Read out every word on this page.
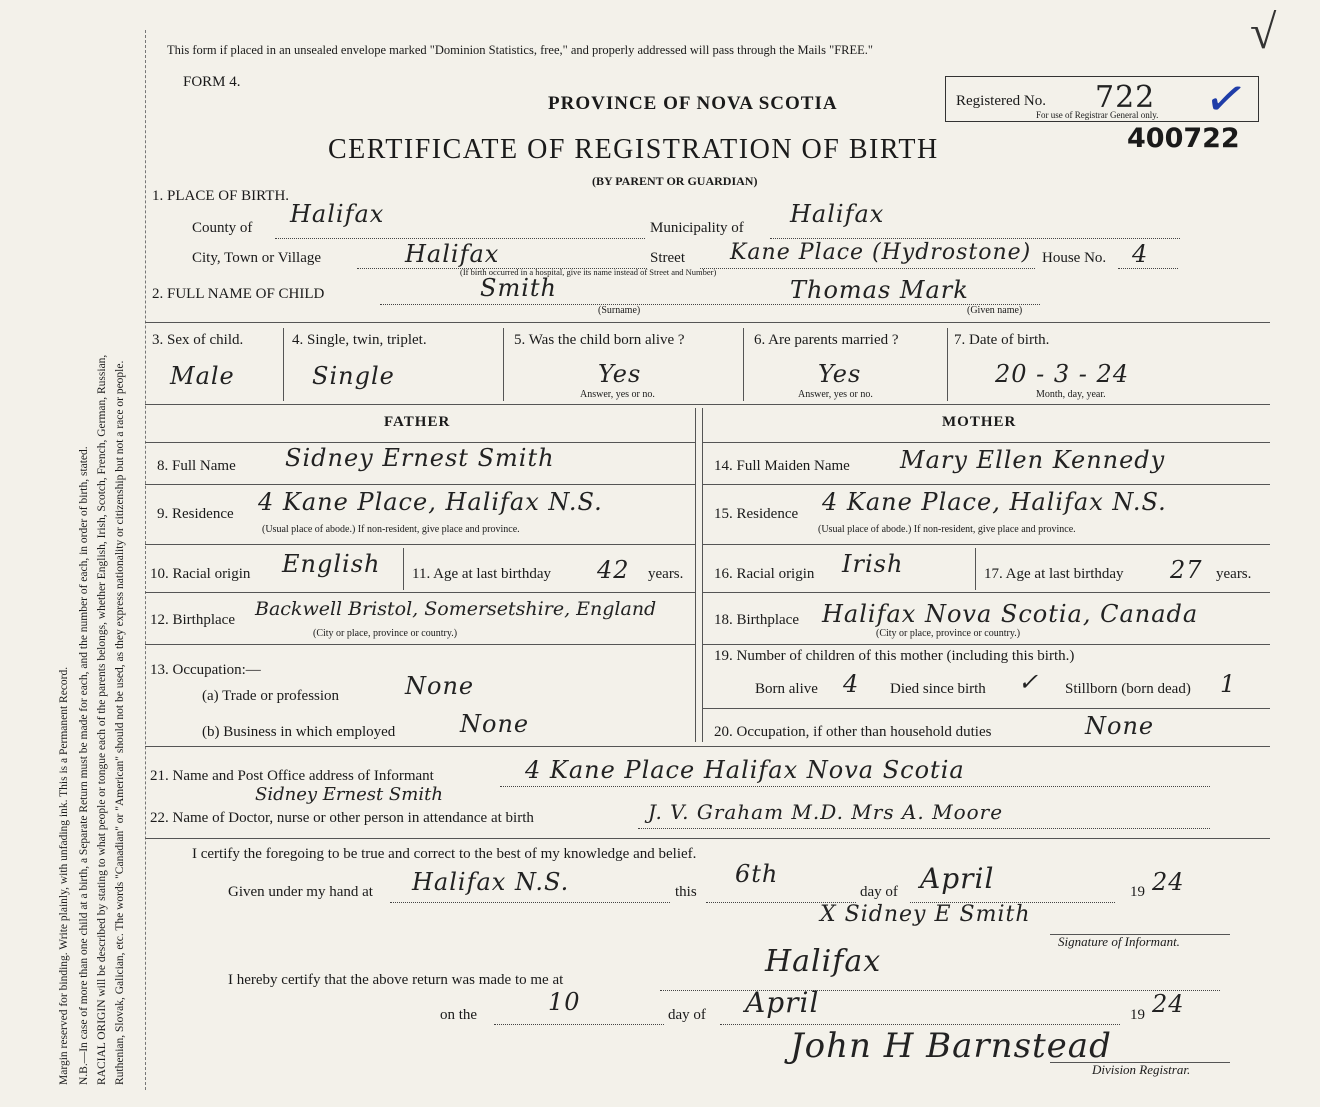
Margin reserved for binding. Write plainly, with unfading ink. This is a Permanent Record. N.B.—In case of more than one child at a birth, a Separate Return must be made for each, and the number of each, in order of birth, stated. RACIAL ORIGIN will be described by stating to what people or tongue each of the parents belongs, whether English, Irish, Scotch, French, German, Russian, Ruthenian, Slovak, Galician, etc. The words "Canadian" or "American" should not be used, as they express nationality or citizenship but not a race or people.
This form if placed in an unsealed envelope marked "Dominion Statistics, free," and properly addressed will pass through the Mails "FREE."
FORM 4.
PROVINCE OF NOVA SCOTIA
CERTIFICATE OF REGISTRATION OF BIRTH
(BY PARENT OR GUARDIAN)
Registered No. 722
For use of Registrar General only. ✓
400722
√
1. PLACE OF BIRTH.
County of Halifax	Municipality of Halifax
City, Town or Village	Halifax	Street Kane Place (Hydrostone) House No. 4
(If birth occurred in a hospital, give its name instead of Street and Number)
2. FULL NAME OF CHILD	Smith	Thomas Mark
(Surname)	(Given name)
3. Sex of child.
Male
4. Single, twin, triplet.
Single
5. Was the child born alive ?
Yes
Answer, yes or no.
6. Are parents married ?
Yes
Answer, yes or no.
7. Date of birth.
20 - 3 - 24
Month, day, year.
FATHER	MOTHER
8. Full Name Sidney Ernest Smith
9. Residence 4 Kane Place, Halifax N.S.
(Usual place of abode.) If non-resident, give place and province.
10. Racial origin English 11. Age at last birthday 42 years.
12. Birthplace Backwell Bristol, Somersetshire, England
(City or place, province or country.)
13. Occupation:—
(a) Trade or profession	None
(b) Business in which employed	None
14. Full Maiden Name Mary Ellen Kennedy
15. Residence 4 Kane Place, Halifax N.S.
(Usual place of abode.) If non-resident, give place and province.
16. Racial origin Irish	17. Age at last birthday 27 years.
18. Birthplace Halifax Nova Scotia, Canada
(City or place, province or country.)
19. Number of children of this mother (including this birth.)
Born alive 4 Died since birth ✓ Stillborn (born dead) 1
20. Occupation, if other than household duties	None
21. Name and Post Office address of Informant	4 Kane Place Halifax Nova Scotia
Sidney Ernest Smith
22. Name of Doctor, nurse or other person in attendance at birth	J. V. Graham M.D. Mrs A. Moore
I certify the foregoing to be true and correct to the best of my knowledge and belief.
Given under my hand at Halifax N.S.	this
6th
day of April	19 24
X Sidney E Smith
Signature of Informant.
I hereby certify that the above return was made to me at
Halifax
on the	10	day of April	19 24
John H Barnstead
Division Registrar.
